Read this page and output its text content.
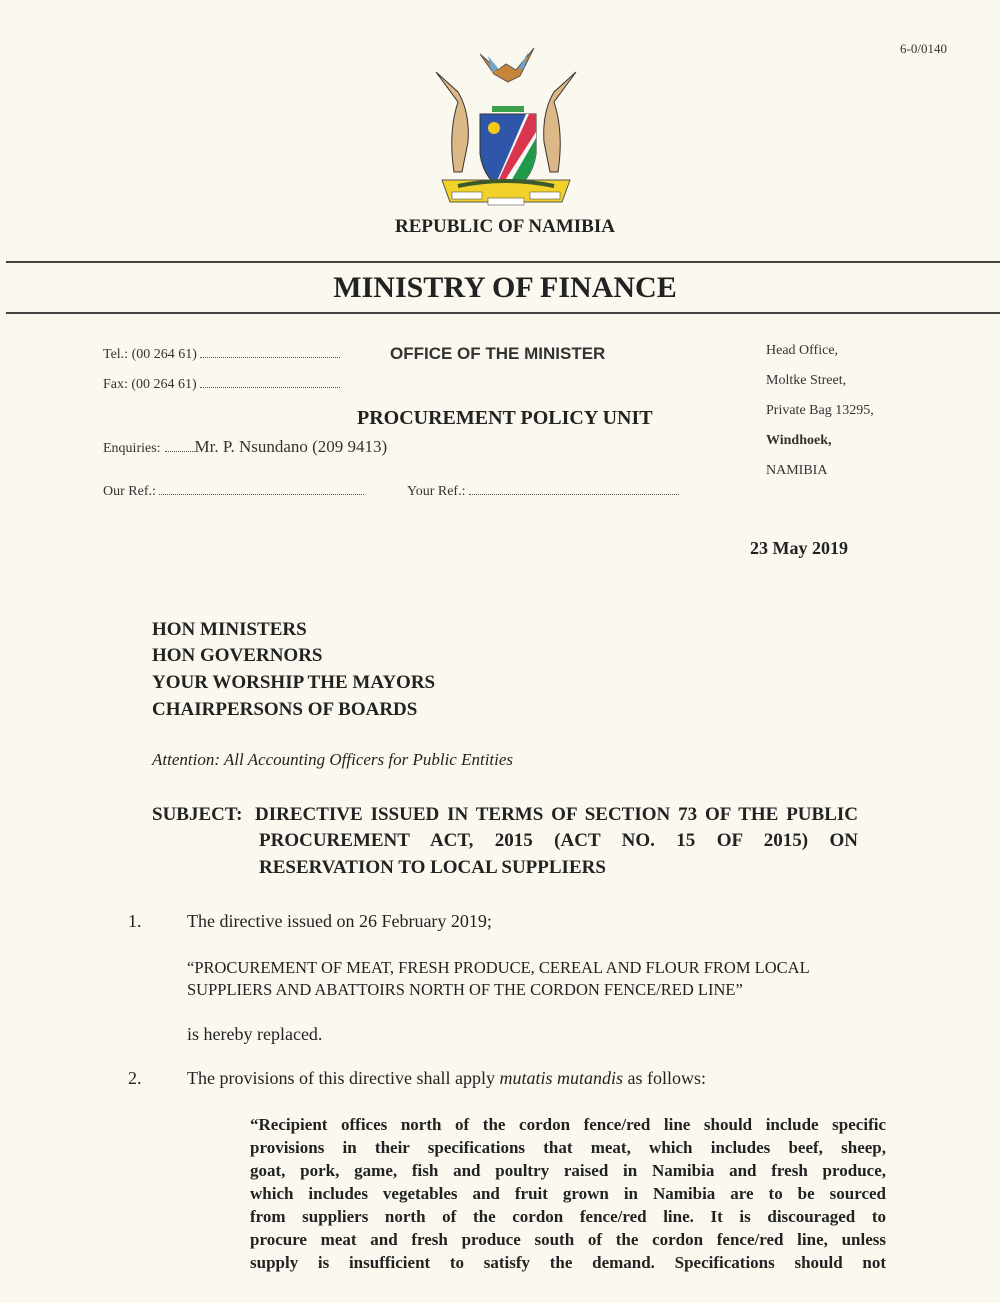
6-0/0140
REPUBLIC OF NAMIBIA
MINISTRY OF FINANCE
Tel.: (00 264 61)
Fax: (00 264 61)
Enquiries: Mr. P. Nsundano (209 9413)
Our Ref.:	Your Ref.:
OFFICE OF THE MINISTER
PROCUREMENT POLICY UNIT
Head Office,
Moltke Street,
Private Bag 13295,
Windhoek,
NAMIBIA
23 May 2019
HON MINISTERS
HON GOVERNORS
YOUR WORSHIP THE MAYORS
CHAIRPERSONS OF BOARDS
Attention: All Accounting Officers for Public Entities
SUBJECT: DIRECTIVE ISSUED IN TERMS OF SECTION 73 OF THE PUBLIC
PROCUREMENT ACT, 2015 (ACT NO. 15 OF 2015) ON
RESERVATION TO LOCAL SUPPLIERS
1.	The directive issued on 26 February 2019;
“PROCUREMENT OF MEAT, FRESH PRODUCE, CEREAL AND FLOUR FROM LOCAL
SUPPLIERS AND ABATTOIRS NORTH OF THE CORDON FENCE/RED LINE”
is hereby replaced.
2.	The provisions of this directive shall apply mutatis mutandis as follows:
“Recipient offices north of the cordon fence/red line should include specific
provisions in their specifications that meat, which includes beef, sheep,
goat, pork, game, fish and poultry raised in Namibia and fresh produce,
which includes vegetables and fruit grown in Namibia are to be sourced
from suppliers north of the cordon fence/red line. It is discouraged to
procure meat and fresh produce south of the cordon fence/red line, unless
supply is insufficient to satisfy the demand. Specifications should not
